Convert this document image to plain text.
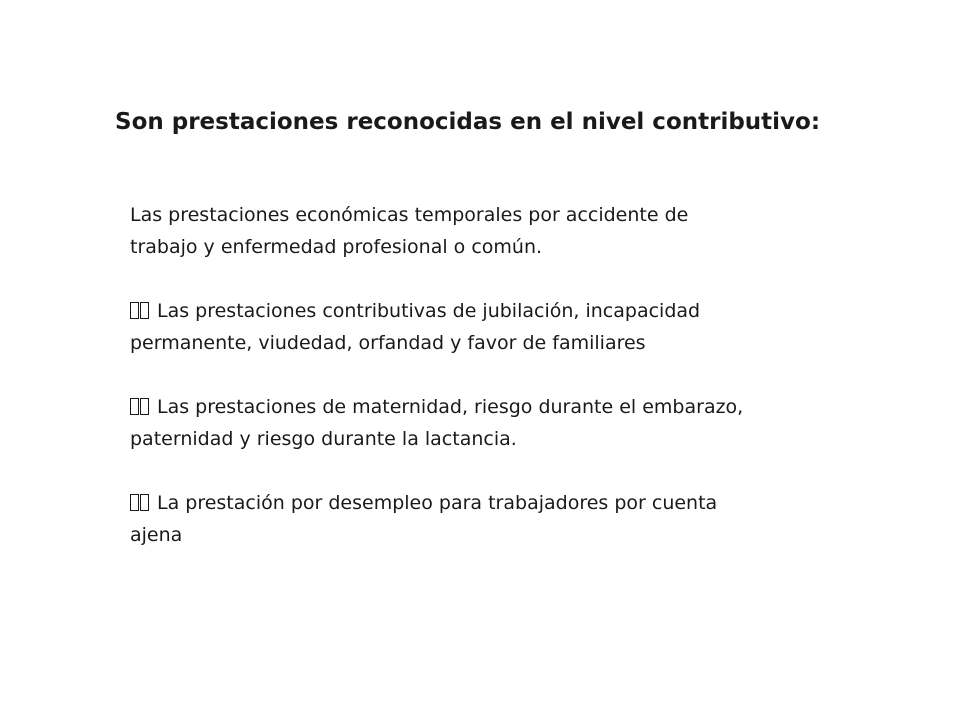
Son prestaciones reconocidas en el nivel contributivo:

Las prestaciones económicas temporales por accidente de
trabajo y enfermedad profesional o común.

Las prestaciones contributivas de jubilación, incapacidad
permanente, viudedad, orfandad y favor de familiares

Las prestaciones de maternidad, riesgo durante el embarazo,
paternidad y riesgo durante la lactancia.

La prestación por desempleo para trabajadores por cuenta
ajena
